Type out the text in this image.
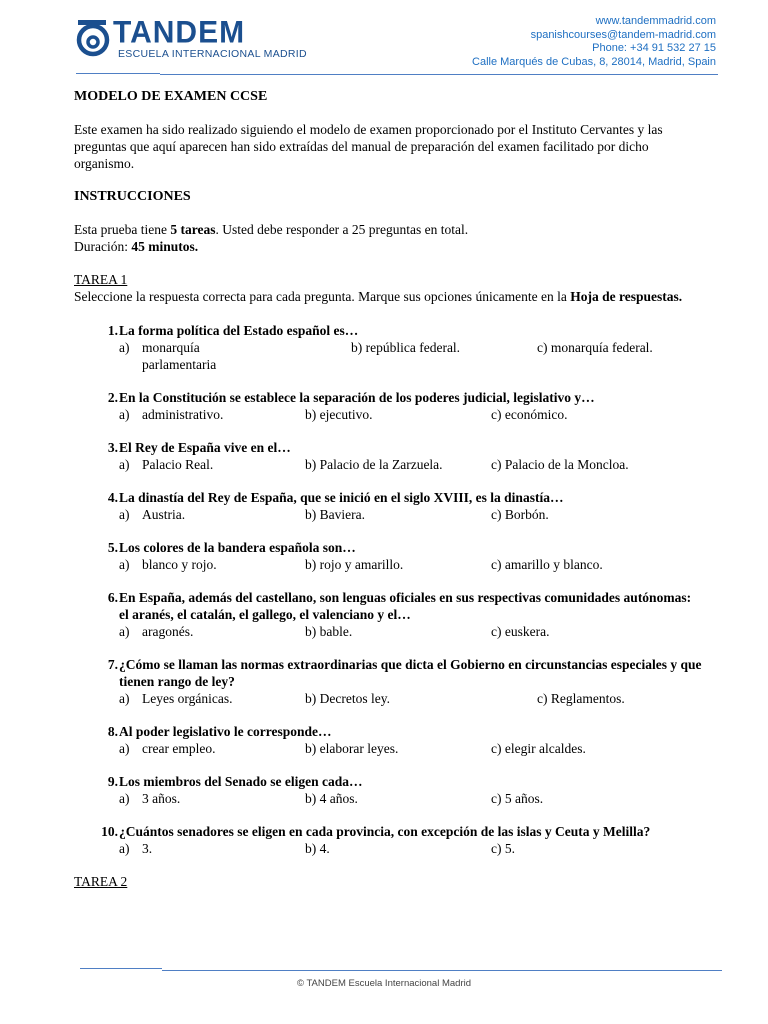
TANDEM
ESCUELA INTERNACIONAL MADRID
www.tandemmadrid.com
spanishcourses@tandem-madrid.com
Phone: +34 91 532 27 15
Calle Marqués de Cubas, 8, 28014, Madrid, Spain

MODELO DE EXAMEN CCSE

Este examen ha sido realizado siguiendo el modelo de examen proporcionado por el Instituto Cervantes y las preguntas que aquí aparecen han sido extraídas del manual de preparación del examen facilitado por dicho organismo.

INSTRUCCIONES

Esta prueba tiene 5 tareas. Usted debe responder a 25 preguntas en total.

Duración: 45 minutos.

TAREA 1

Seleccione la respuesta correcta para cada pregunta. Marque sus opciones únicamente en la Hoja de respuestas.

1. La forma política del Estado español es…
a) monarquía parlamentaria
b) república federal.	c) monarquía federal.
2. En la Constitución se establece la separación de los poderes judicial, legislativo y…
a) administrativo.	b) ejecutivo.	c) económico.
3. El Rey de España vive en el…
a) Palacio Real.	b) Palacio de la Zarzuela.	c) Palacio de la Moncloa.
4. La dinastía del Rey de España, que se inició en el siglo XVIII, es la dinastía…
a) Austria.	b) Baviera.	c) Borbón.
5. Los colores de la bandera española son…
a) blanco y rojo.	b) rojo y amarillo.	c) amarillo y blanco.
6. En España, además del castellano, son lenguas oficiales en sus respectivas comunidades autónomas: el aranés, el catalán, el gallego, el valenciano y el…
a) aragonés.	b) bable.	c) euskera.
7. ¿Cómo se llaman las normas extraordinarias que dicta el Gobierno en circunstancias especiales y que tienen rango de ley?
a) Leyes orgánicas.	b) Decretos ley.	c) Reglamentos.
8. Al poder legislativo le corresponde…
a) crear empleo.	b) elaborar leyes.	c) elegir alcaldes.
9. Los miembros del Senado se eligen cada…
a) 3 años.	b) 4 años.	c) 5 años.
10. ¿Cuántos senadores se eligen en cada provincia, con excepción de las islas y Ceuta y Melilla?
a) 3.	b) 4.	c) 5.

TAREA 2

© TANDEM Escuela Internacional Madrid
